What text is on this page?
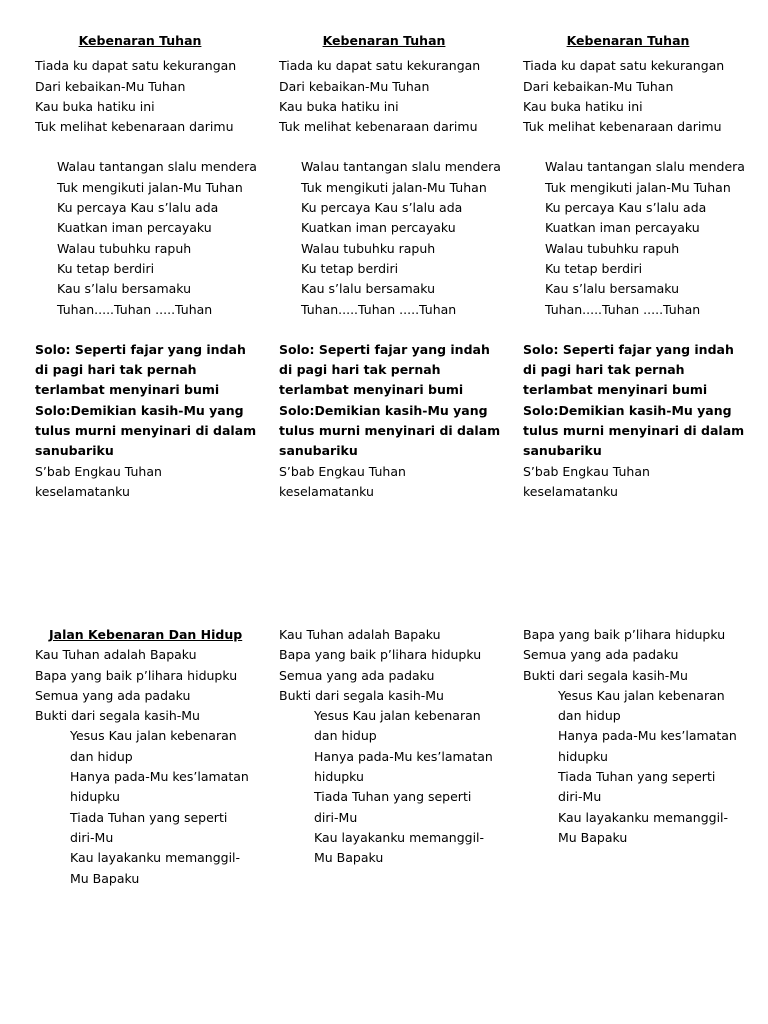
Kebenaran Tuhan

Tiada ku dapat satu kekurangan

Dari kebaikan-Mu Tuhan

Kau buka hatiku ini

Tuk melihat kebenaraan darimu

Walau tantangan slalu mendera

Tuk mengikuti jalan-Mu Tuhan

Ku percaya Kau s’lalu ada

Kuatkan iman percayaku

Walau tubuhku rapuh

Ku tetap berdiri

Kau s’lalu bersamaku

Tuhan.....Tuhan .....Tuhan

Solo: Seperti fajar yang indah

di pagi hari tak pernah

terlambat menyinari bumi

Solo:Demikian kasih-Mu yang

tulus murni menyinari di dalam

sanubariku

S’bab Engkau Tuhan

keselamatanku

Kebenaran Tuhan

Tiada ku dapat satu kekurangan

Dari kebaikan-Mu Tuhan

Kau buka hatiku ini

Tuk melihat kebenaraan darimu

Walau tantangan slalu mendera

Tuk mengikuti jalan-Mu Tuhan

Ku percaya Kau s’lalu ada

Kuatkan iman percayaku

Walau tubuhku rapuh

Ku tetap berdiri

Kau s’lalu bersamaku

Tuhan.....Tuhan .....Tuhan

Solo: Seperti fajar yang indah

di pagi hari tak pernah

terlambat menyinari bumi

Solo:Demikian kasih-Mu yang

tulus murni menyinari di dalam

sanubariku

S’bab Engkau Tuhan

keselamatanku

Kebenaran Tuhan

Tiada ku dapat satu kekurangan

Dari kebaikan-Mu Tuhan

Kau buka hatiku ini

Tuk melihat kebenaraan darimu

Walau tantangan slalu mendera

Tuk mengikuti jalan-Mu Tuhan

Ku percaya Kau s’lalu ada

Kuatkan iman percayaku

Walau tubuhku rapuh

Ku tetap berdiri

Kau s’lalu bersamaku

Tuhan.....Tuhan .....Tuhan

Solo: Seperti fajar yang indah

di pagi hari tak pernah

terlambat menyinari bumi

Solo:Demikian kasih-Mu yang

tulus murni menyinari di dalam

sanubariku

S’bab Engkau Tuhan

keselamatanku

Jalan Kebenaran Dan Hidup

Kau Tuhan adalah Bapaku

Bapa yang baik p’lihara hidupku

Semua yang ada padaku

Bukti dari segala kasih-Mu

Yesus Kau jalan kebenaran

dan hidup

Hanya pada-Mu kes’lamatan

hidupku

Tiada Tuhan yang seperti

diri-Mu

Kau layakanku memanggil-

Mu Bapaku

Kau Tuhan adalah Bapaku

Bapa yang baik p’lihara hidupku

Semua yang ada padaku

Bukti dari segala kasih-Mu

Yesus Kau jalan kebenaran

dan hidup

Hanya pada-Mu kes’lamatan

hidupku

Tiada Tuhan yang seperti

diri-Mu

Kau layakanku memanggil-

Mu Bapaku

Bapa yang baik p’lihara hidupku

Semua yang ada padaku

Bukti dari segala kasih-Mu

Yesus Kau jalan kebenaran

dan hidup

Hanya pada-Mu kes’lamatan

hidupku

Tiada Tuhan yang seperti

diri-Mu

Kau layakanku memanggil-

Mu Bapaku
